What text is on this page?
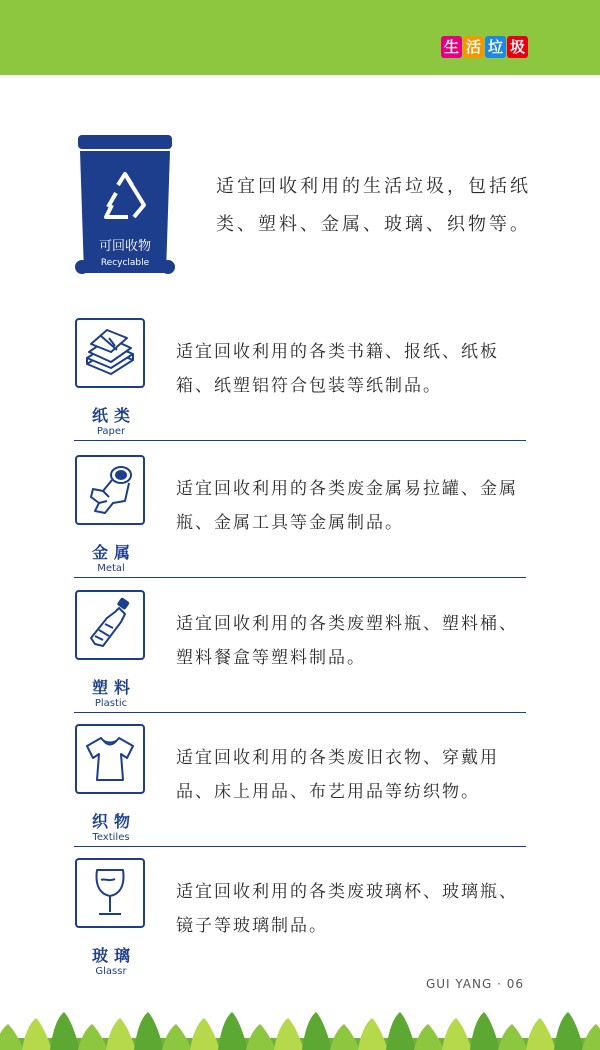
生 活 垃 圾
可回收物
Recyclable

适宜回收利用的生活垃圾，包括纸类、塑料、金属、玻璃、织物等。

纸类
Paper

适宜回收利用的各类书籍、报纸、纸板箱、纸塑铝符合包装等纸制品。

金属
Metal

适宜回收利用的各类废金属易拉罐、金属瓶、金属工具等金属制品。

塑料
Plastic

适宜回收利用的各类废塑料瓶、塑料桶、塑料餐盒等塑料制品。

织物
Textiles

适宜回收利用的各类废旧衣物、穿戴用品、床上用品、布艺用品等纺织物。

玻璃
Glassr

适宜回收利用的各类废玻璃杯、玻璃瓶、镜子等玻璃制品。

GUI YANG · 06
